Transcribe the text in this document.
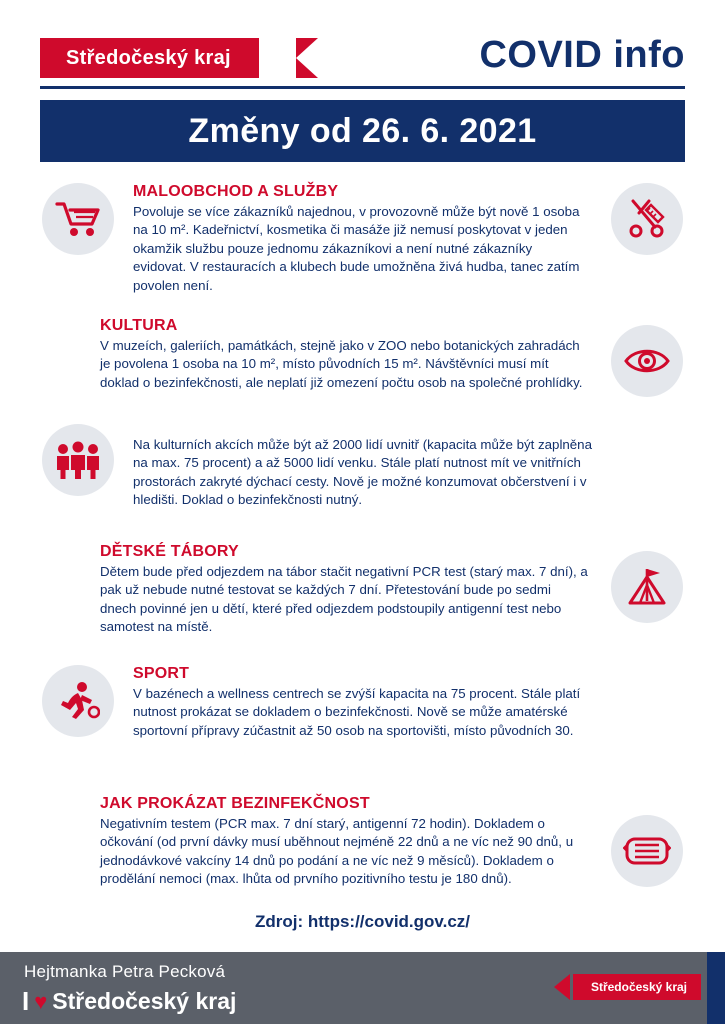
Středočeský kraj	COVID info
Změny od 26. 6. 2021

MALOOBCHOD A SLUŽBY

Povoluje se více zákazníků najednou, v provozovně může být nově 1 osoba na 10 m². Kadeřnictví, kosmetika či masáže již nemusí poskytovat v jeden okamžik službu pouze jednomu zákazníkovi a není nutné zákazníky evidovat. V restauracích a klubech bude umožněna živá hudba, tanec zatím povolen není.

KULTURA

V muzeích, galeriích, památkách, stejně jako v ZOO nebo botanických zahradách je povolena 1 osoba na 10 m², místo původních 15 m². Návštěvníci musí mít doklad o bezinfekčnosti, ale neplatí již omezení počtu osob na společné prohlídky.

Na kulturních akcích může být až 2000 lidí uvnitř (kapacita může být zaplněna na max. 75 procent) a až 5000 lidí venku. Stále platí nutnost mít ve vnitřních prostorách zakryté dýchací cesty. Nově je možné konzumovat občerstvení i v hledišti. Doklad o bezinfekčnosti nutný.

DĚTSKÉ TÁBORY

Dětem bude před odjezdem na tábor stačit negativní PCR test (starý max. 7 dní), a pak už nebude nutné testovat se každých 7 dní. Přetestování bude po sedmi dnech povinné jen u dětí, které před odjezdem podstoupily antigenní test nebo samotest na místě.

SPORT

V bazénech a wellness centrech se zvýší kapacita na 75 procent. Stále platí nutnost prokázat se dokladem o bezinfekčnosti. Nově se může amatérské sportovní přípravy zúčastnit až 50 osob na sportovišti, místo původních 30.

JAK PROKÁZAT BEZINFEKČNOST

Negativním testem (PCR max. 7 dní starý, antigenní 72 hodin). Dokladem o očkování (od první dávky musí uběhnout nejméně 22 dnů a ne víc než 90 dnů, u jednodávkové vakcíny 14 dnů po podání a ne víc než 9 měsíců). Dokladem o prodělání nemoci (max. lhůta od prvního pozitivního testu je 180 dnů).

Zdroj: https://covid.gov.cz/
Hejtmanka Petra Pecková
I ♥ Středočeský kraj
Středočeský kraj
